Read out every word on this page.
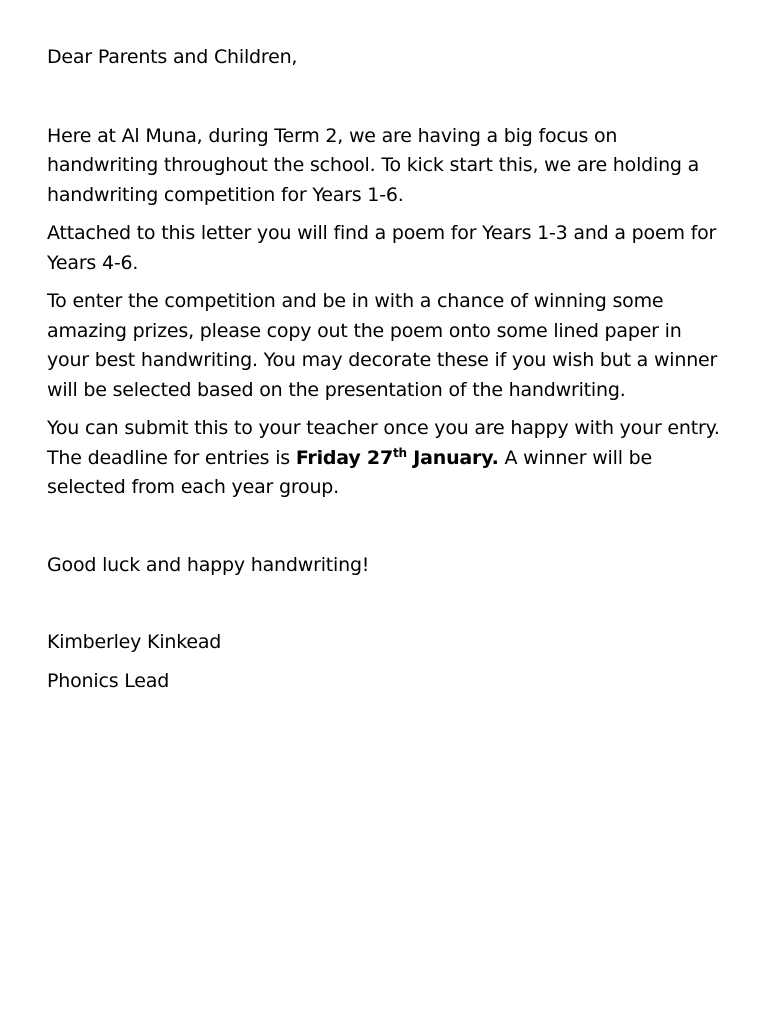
Dear Parents and Children,

Here at Al Muna, during Term 2, we are having a big focus on handwriting throughout the school. To kick start this, we are holding a handwriting competition for Years 1-6.

Attached to this letter you will find a poem for Years 1-3 and a poem for Years 4-6.

To enter the competition and be in with a chance of winning some amazing prizes, please copy out the poem onto some lined paper in your best handwriting. You may decorate these if you wish but a winner will be selected based on the presentation of the handwriting.

You can submit this to your teacher once you are happy with your entry. The deadline for entries is Friday 27th January. A winner will be selected from each year group.

Good luck and happy handwriting!

Kimberley Kinkead

Phonics Lead
